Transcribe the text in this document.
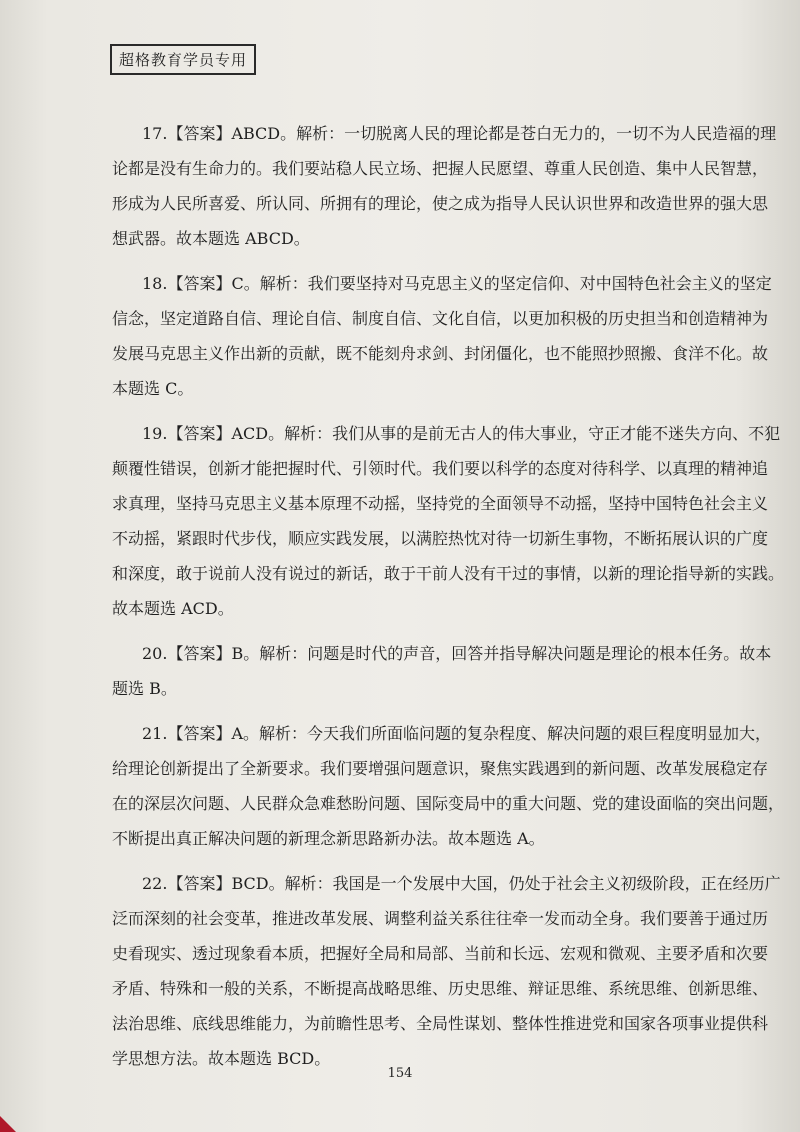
超格教育学员专用
17.【答案】ABCD。解析：一切脱离人民的理论都是苍白无力的，一切不为人民造福的理
论都是没有生命力的。我们要站稳人民立场、把握人民愿望、尊重人民创造、集中人民智慧，
形成为人民所喜爱、所认同、所拥有的理论，使之成为指导人民认识世界和改造世界的强大思
想武器。故本题选 ABCD。
18.【答案】C。解析：我们要坚持对马克思主义的坚定信仰、对中国特色社会主义的坚定
信念，坚定道路自信、理论自信、制度自信、文化自信，以更加积极的历史担当和创造精神为
发展马克思主义作出新的贡献，既不能刻舟求剑、封闭僵化，也不能照抄照搬、食洋不化。故
本题选 C。
19.【答案】ACD。解析：我们从事的是前无古人的伟大事业，守正才能不迷失方向、不犯
颠覆性错误，创新才能把握时代、引领时代。我们要以科学的态度对待科学、以真理的精神追
求真理，坚持马克思主义基本原理不动摇，坚持党的全面领导不动摇，坚持中国特色社会主义
不动摇，紧跟时代步伐，顺应实践发展，以满腔热忱对待一切新生事物，不断拓展认识的广度
和深度，敢于说前人没有说过的新话，敢于干前人没有干过的事情，以新的理论指导新的实践。
故本题选 ACD。
20.【答案】B。解析：问题是时代的声音，回答并指导解决问题是理论的根本任务。故本
题选 B。
21.【答案】A。解析：今天我们所面临问题的复杂程度、解决问题的艰巨程度明显加大，
给理论创新提出了全新要求。我们要增强问题意识，聚焦实践遇到的新问题、改革发展稳定存
在的深层次问题、人民群众急难愁盼问题、国际变局中的重大问题、党的建设面临的突出问题，
不断提出真正解决问题的新理念新思路新办法。故本题选 A。
22.【答案】BCD。解析：我国是一个发展中大国，仍处于社会主义初级阶段，正在经历广
泛而深刻的社会变革，推进改革发展、调整利益关系往往牵一发而动全身。我们要善于通过历
史看现实、透过现象看本质，把握好全局和局部、当前和长远、宏观和微观、主要矛盾和次要
矛盾、特殊和一般的关系，不断提高战略思维、历史思维、辩证思维、系统思维、创新思维、
法治思维、底线思维能力，为前瞻性思考、全局性谋划、整体性推进党和国家各项事业提供科
学思想方法。故本题选 BCD。
154
